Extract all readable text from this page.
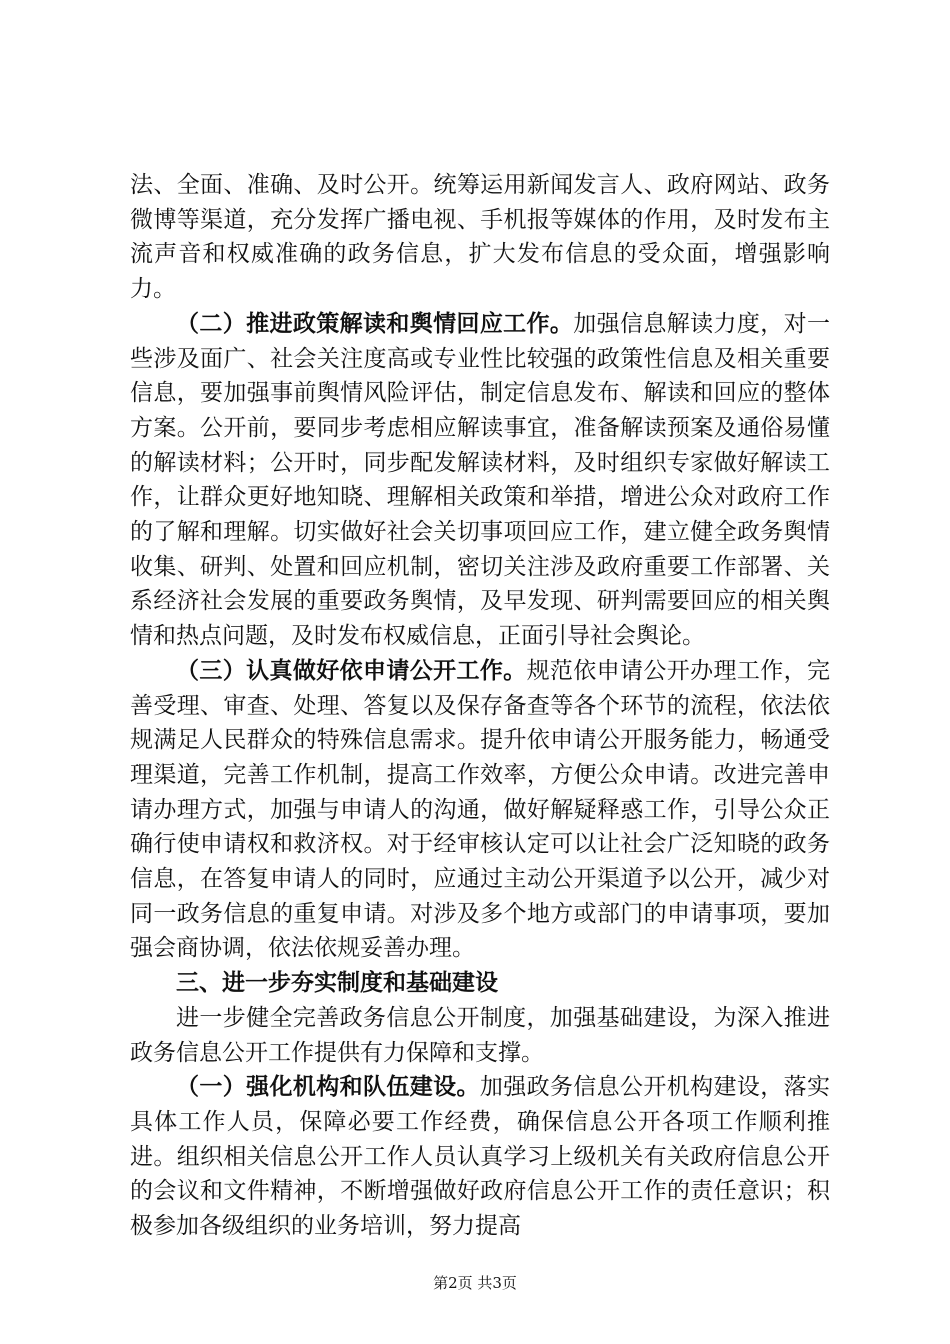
法、全面、准确、及时公开。统筹运用新闻发言人、政府网站、政务微博等渠道，充分发挥广播电视、手机报等媒体的作用，及时发布主流声音和权威准确的政务信息，扩大发布信息的受众面，增强影响力。

（二）推进政策解读和舆情回应工作。加强信息解读力度，对一些涉及面广、社会关注度高或专业性比较强的政策性信息及相关重要信息，要加强事前舆情风险评估，制定信息发布、解读和回应的整体方案。公开前，要同步考虑相应解读事宜，准备解读预案及通俗易懂的解读材料；公开时，同步配发解读材料，及时组织专家做好解读工作，让群众更好地知晓、理解相关政策和举措，增进公众对政府工作的了解和理解。切实做好社会关切事项回应工作，建立健全政务舆情收集、研判、处置和回应机制，密切关注涉及政府重要工作部署、关系经济社会发展的重要政务舆情，及早发现、研判需要回应的相关舆情和热点问题，及时发布权威信息，正面引导社会舆论。

（三）认真做好依申请公开工作。规范依申请公开办理工作，完善受理、审查、处理、答复以及保存备查等各个环节的流程，依法依规满足人民群众的特殊信息需求。提升依申请公开服务能力，畅通受理渠道，完善工作机制，提高工作效率，方便公众申请。改进完善申请办理方式，加强与申请人的沟通，做好解疑释惑工作，引导公众正确行使申请权和救济权。对于经审核认定可以让社会广泛知晓的政务信息，在答复申请人的同时，应通过主动公开渠道予以公开，减少对同一政务信息的重复申请。对涉及多个地方或部门的申请事项，要加强会商协调，依法依规妥善办理。

三、进一步夯实制度和基础建设

进一步健全完善政务信息公开制度，加强基础建设，为深入推进政务信息公开工作提供有力保障和支撑。

（一）强化机构和队伍建设。加强政务信息公开机构建设，落实具体工作人员，保障必要工作经费，确保信息公开各项工作顺利推进。组织相关信息公开工作人员认真学习上级机关有关政府信息公开的会议和文件精神，不断增强做好政府信息公开工作的责任意识；积极参加各级组织的业务培训，努力提高

第2页 共3页
